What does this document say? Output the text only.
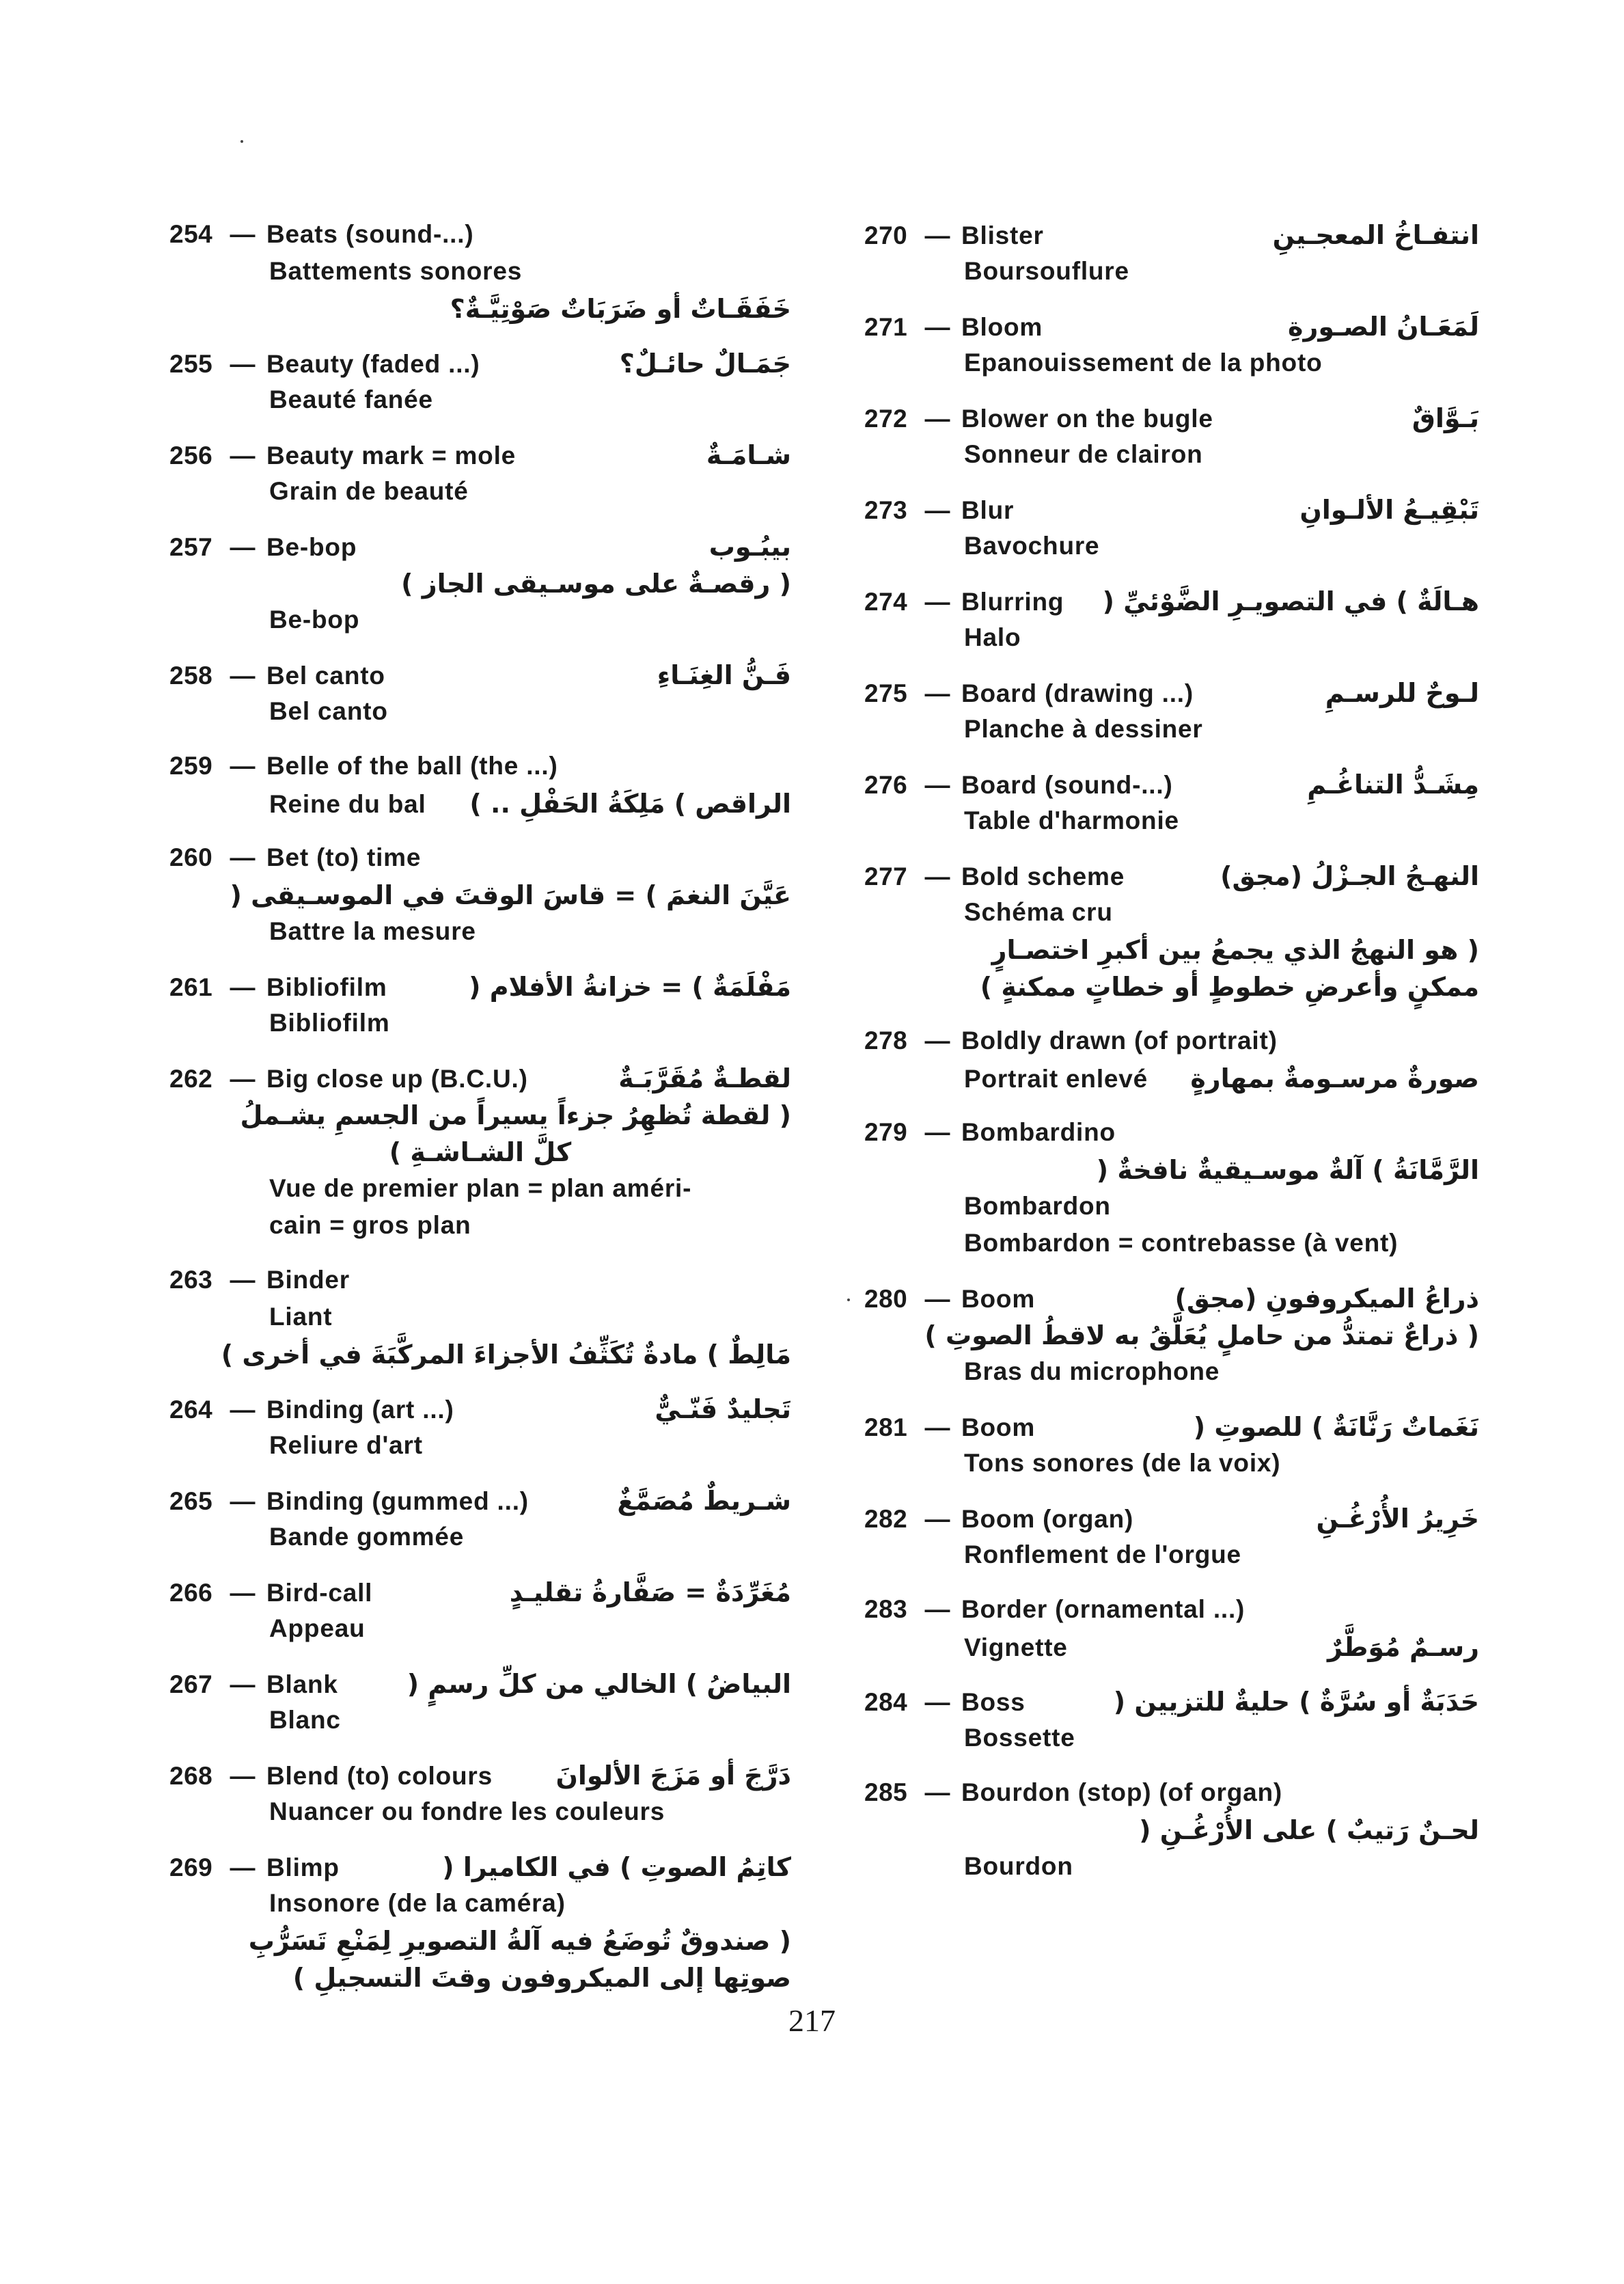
254 — Beats (sound-...)
Battements sonores
خَفَقَـاتٌ أو ضَرَبَاتٌ صَوْتِيَّـةٌ؟
255 — Beauty (faded ...)	جَمَـالٌ حائـلٌ؟
Beauté fanée
256 — Beauty mark = mole	شـامَـةٌ
Grain de beauté
257 — Be-bop	بيبُـوب
( رقصـةٌ على موسـيقى الجاز )
Be-bop
258 — Bel canto	فَـنُّ الغِنَـاءِ
Bel canto
259 — Belle of the ball (the ...)
Reine du bal الراقص ) مَلِكَةُ الحَفْلِ .. )
260 — Bet (to) time
عَيَّنَ النغمَ ) = قاسَ الوقتَ في الموسـيقى (
Battre la mesure
261 — Bibliofilm	مَفْلَمَةٌ ) = خزانةُ الأفلام (
Bibliofilm
262 — Big close up (B.C.U.)	لقطـةٌ مُقَرَّبَـةٌ
( لقطة تُظهِرُ جزءاً يسيراً من الجسمِ يشـملُ
كلَّ الشـاشـةِ )
Vue de premier plan = plan améri-
cain = gros plan
263 — Binder
Liant
مَالِطٌ ) مادةٌ تُكَثِّفُ الأجزاءَ المركَّبَةَ في أخرى )
264 — Binding (art ...)	تَجليدٌ فَنّـيٌّ
Reliure d'art
265 — Binding (gummed ...)	شـريطٌ مُصَمَّغٌ
Bande gommée
266 — Bird-call	مُغَرِّدَةٌ = صَفَّارةُ تقليـدٍ
Appeau
267 — Blank	البياضُ ) الخالي من كلِّ رسمٍ (
Blanc
268 — Blend (to) colours دَرَّجَ أو مَزَجَ الألوانَ
Nuancer ou fondre les couleurs
269 — Blimp	كاتِمُ الصوتِ ) في الكاميرا (
Insonore (de la caméra)
( صندوقٌ تُوضَعُ فيه آلةُ التصويرِ لِمَنْعِ تَسَرُّبِ
صوتِها إلى الميكروفون وقتَ التسجيلِ )
270 — Blister	انتفـاخُ المعجـينِ
Boursouflure
271 — Bloom	لَمَعَـانُ الصـورةِ
Epanouissement de la photo
272 — Blower on the bugle	بَـوَّاقٌ
Sonneur de clairon
273 — Blur	تَبْقِيـعُ الألـوانِ
Bavochure
274 — Blurring هـالَةٌ ) في التصويـرِ الضَّوْئيِّ (
Halo
275 — Board (drawing ...)	لـوحٌ للرسـمِ
Planche à dessiner
276 — Board (sound-...)	مِشَـدُّ التناغُـمِ
Table d'harmonie
277 — Bold scheme	النهـجُ الجـزْلُ (مجق)
Schéma cru
( هو النهجُ الذي يجمعُ بين أكبرِ اختصـارٍ
ممكنٍ وأعرضِ خطوطٍ أو خطاتٍ ممكنةٍ )
278 — Boldly drawn (of portrait)
Portrait enlevé صورةٌ مرسـومةٌ بمهارةٍ
279 — Bombardino
الرَّمَّانَةُ ) آلةٌ موسـيقيةٌ نافخةٌ (
Bombardon
Bombardon = contrebasse (à vent)
280 — Boom	ذراعُ الميكروفونِ (مجق)
( ذراعٌ تمتدُّ من حاملٍ يُعَلَّقُ به لاقطُ الصوتِ )
Bras du microphone
281 — Boom	نَغَماتٌ رَنَّانَةٌ ) للصوتِ (
Tons sonores (de la voix)
282 — Boom (organ)	خَرِيرُ الأُرْغُـنِ
Ronflement de l'orgue
283 — Border (ornamental ...)
Vignette	رسـمٌ مُوَطَّرٌ
284 — Boss	حَدَبَةٌ أو سُرَّةٌ ) حليةٌ للتزيين (
Bossette
285 — Bourdon (stop) (of organ)
لحـنٌ رَتيبٌ ) على الأُرْغُـنِ (
Bourdon
217
